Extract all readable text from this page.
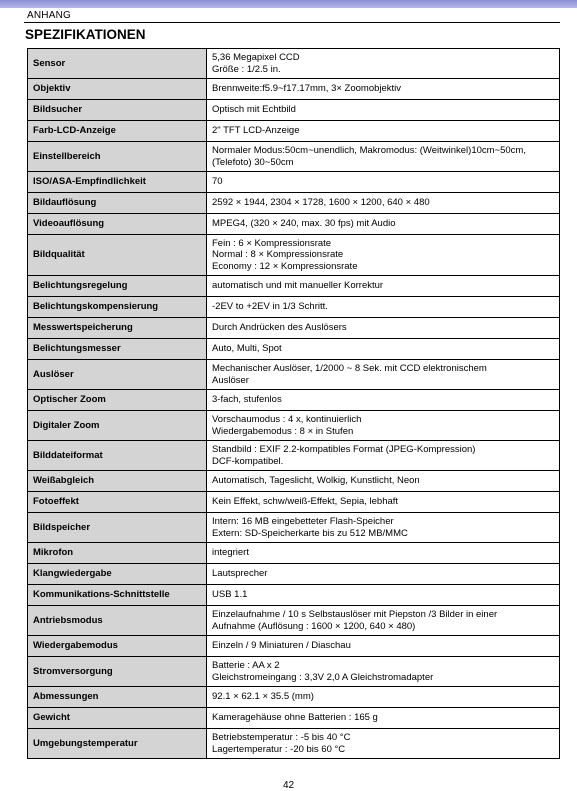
ANHANG
SPEZIFIKATIONEN
Sensor	5,36 Megapixel CCD
Größe : 1/2.5 in.

Objektiv	Brennweite:f5.9~f17.17mm, 3× Zoomobjektiv

Bildsucher	Optisch mit Echtbild

Farb-LCD-Anzeige	2" TFT LCD-Anzeige

Einstellbereich	Normaler Modus:50cm~unendlich, Makromodus: (Weitwinkel)10cm~50cm,
(Telefoto) 30~50cm

ISO/ASA-Empfindlichkeit	70

Bildauflösung	2592 × 1944, 2304 × 1728, 1600 × 1200, 640 × 480

Videoauflösung	MPEG4, (320 × 240, max. 30 fps) mit Audio

Bildqualität	Fein : 6 × Kompressionsrate
Normal : 8 × Kompressionsrate
Economy : 12 × Kompressionsrate

Belichtungsregelung	automatisch und mit manueller Korrektur

Belichtungskompensierung	-2EV to +2EV in 1/3 Schritt.

Messwertspeicherung	Durch Andrücken des Auslösers

Belichtungsmesser	Auto, Multi, Spot

Auslöser	Mechanischer Auslöser, 1/2000 ~ 8 Sek. mit CCD elektronischem
Auslöser

Optischer Zoom	3-fach, stufenlos

Digitaler Zoom	Vorschaumodus : 4 x, kontinuierlich
Wiedergabemodus : 8 × in Stufen

Bilddateiformat	Standbild : EXIF 2.2-kompatibles Format (JPEG-Kompression)
DCF-kompatibel.

Weißabgleich	Automatisch, Tageslicht, Wolkig, Kunstlicht, Neon

Fotoeffekt	Kein Effekt, schw/weiß-Effekt, Sepia, lebhaft

Bildspeicher	Intern: 16 MB eingebetteter Flash-Speicher
Extern: SD-Speicherkarte bis zu 512 MB/MMC

Mikrofon	integriert

Klangwiedergabe	Lautsprecher

Kommunikations-Schnittstelle	USB 1.1

Antriebsmodus	Einzelaufnahme / 10 s Selbstauslöser mit Piepston /3 Bilder in einer
Aufnahme (Auflösung : 1600 × 1200, 640 × 480)

Wiedergabemodus	Einzeln / 9 Miniaturen / Diaschau

Stromversorgung	Batterie : AA x 2
Gleichstromeingang : 3,3V 2,0 A Gleichstromadapter

Abmessungen	92.1 × 62.1 × 35.5 (mm)

Gewicht	Kameragehäuse ohne Batterien : 165 g

Umgebungstemperatur	Betriebstemperatur : -5 bis 40 °C
Lagertemperatur : -20 bis 60 °C
42
